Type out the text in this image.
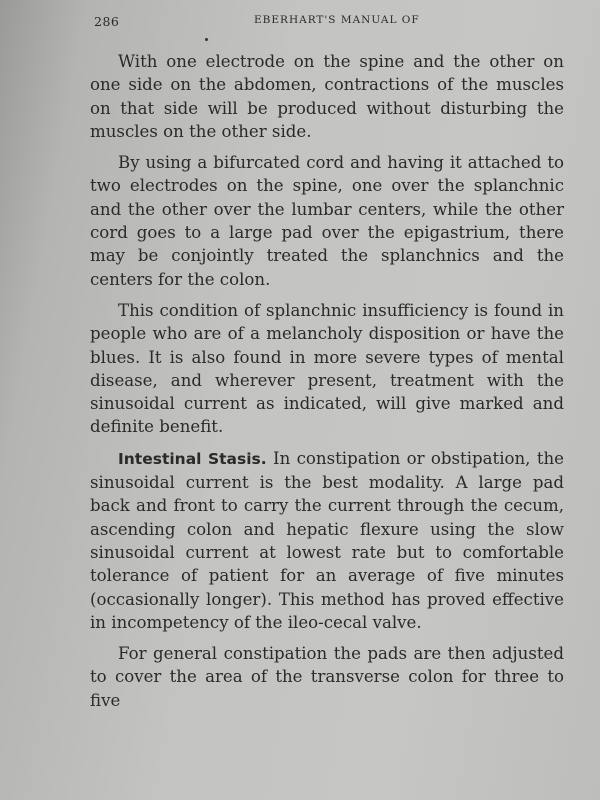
286	EBERHART'S MANUAL OF

With one electrode on the spine and the other on one side on the abdomen, contractions of the muscles on that side will be produced without disturbing the muscles on the other side.

By using a bifurcated cord and having it attached to two electrodes on the spine, one over the splanchnic and the other over the lumbar centers, while the other cord goes to a large pad over the epigastrium, there may be conjointly treated the splanchnics and the centers for the colon.

This condition of splanchnic insufficiency is found in people who are of a melancholy disposition or have the blues. It is also found in more severe types of mental disease, and wherever present, treatment with the sinusoidal current as indicated, will give marked and definite benefit.

Intestinal Stasis. In constipation or obstipation, the sinusoidal current is the best modality. A large pad back and front to carry the current through the cecum, ascending colon and hepatic flexure using the slow sinusoidal current at lowest rate but to comfortable tolerance of patient for an average of five minutes (occasionally longer). This method has proved effective in incompetency of the ileo-cecal valve.

For general constipation the pads are then adjusted to cover the area of the transverse colon for three to five
